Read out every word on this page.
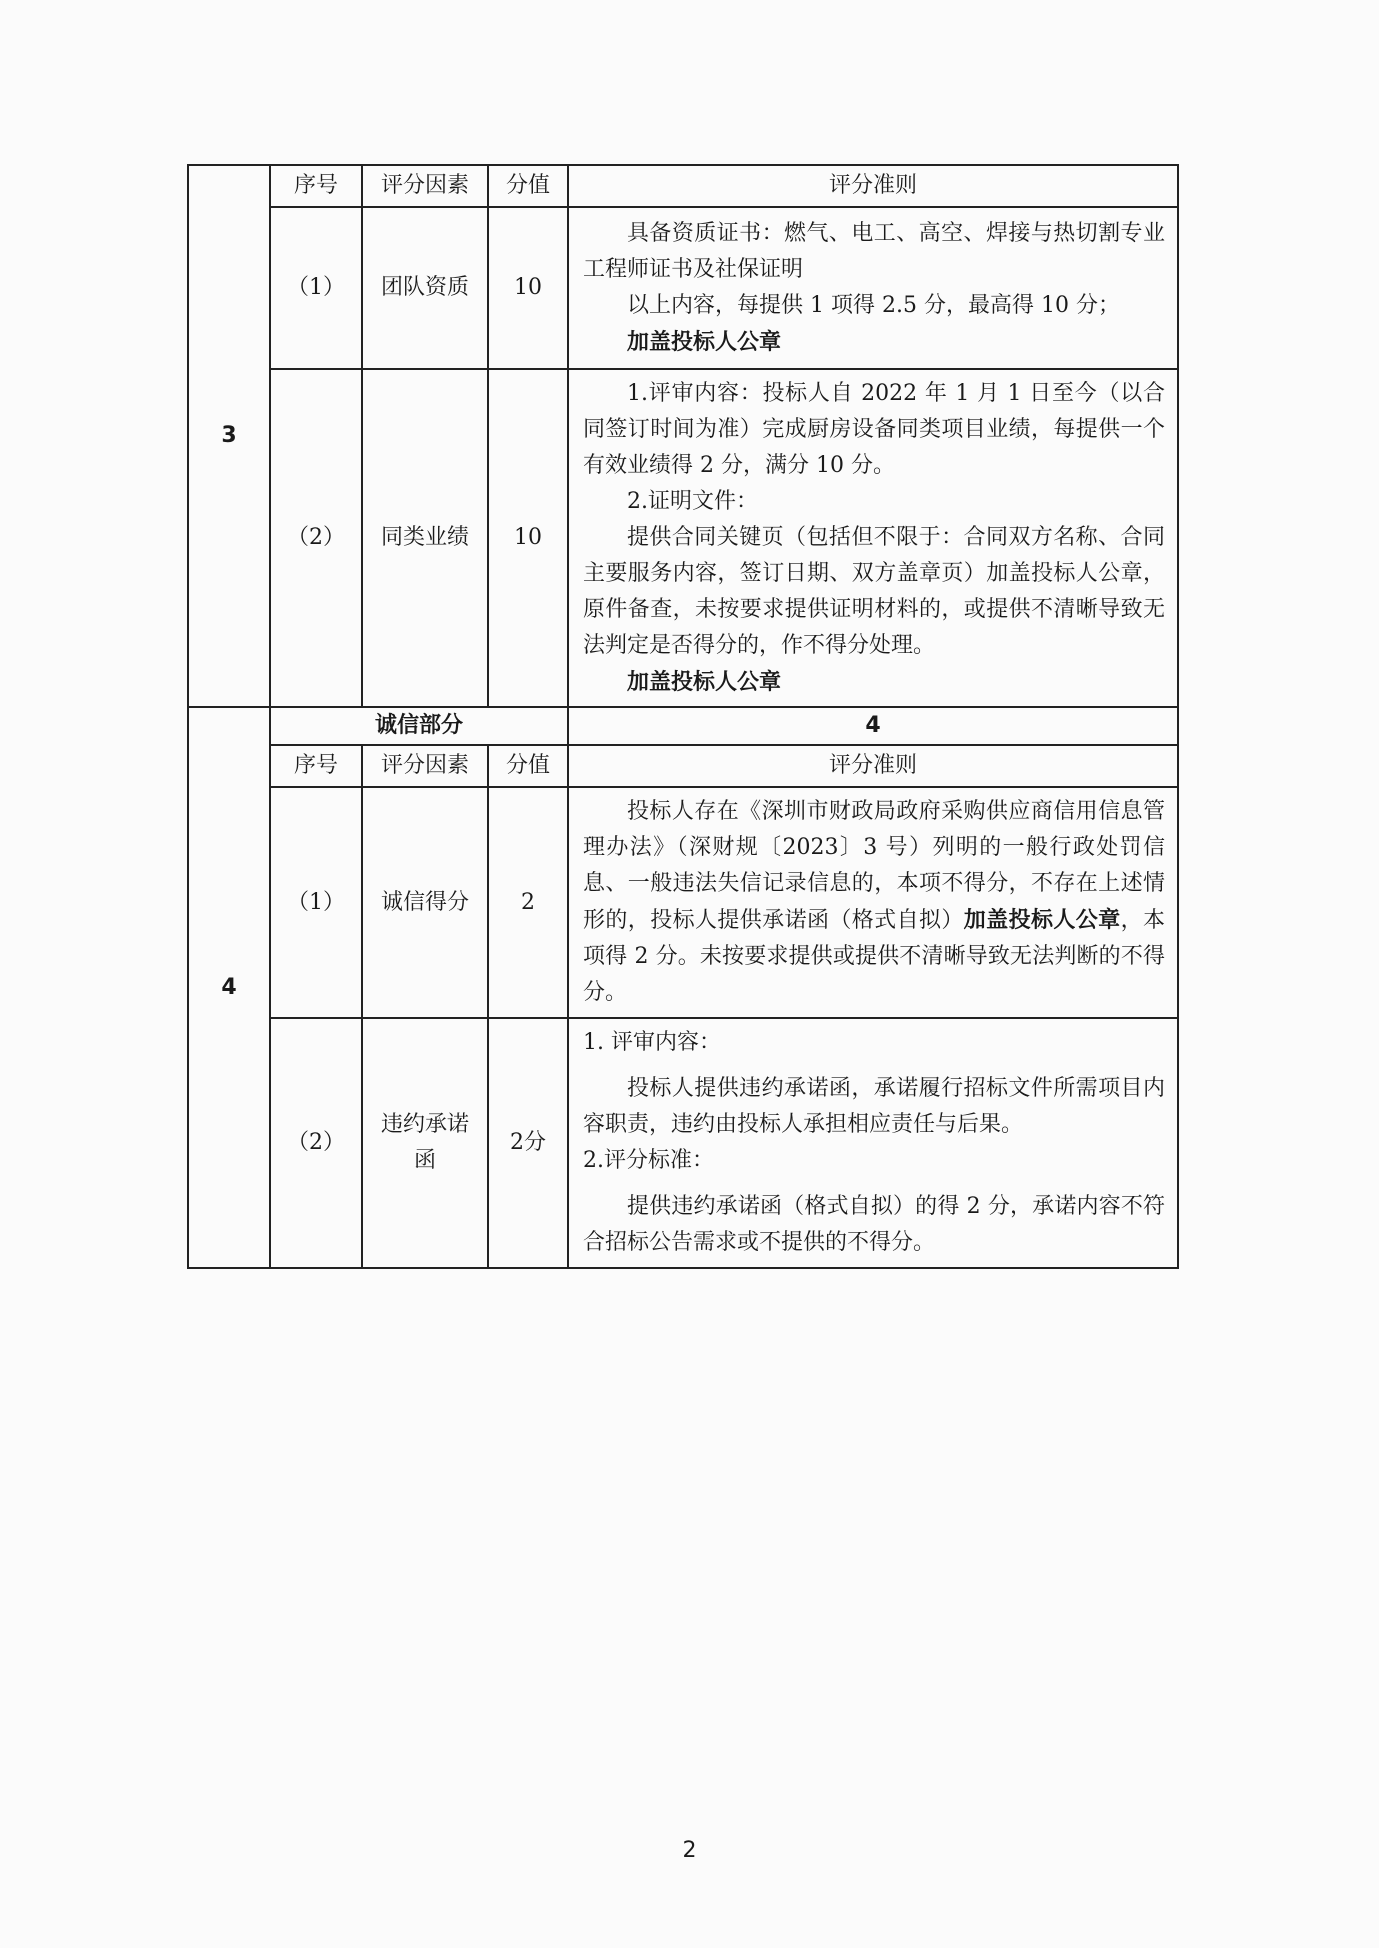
3	序号	评分因素	分值	评分准则
	（1）	团队资质	10	具备资质证书：燃气、电工、高空、焊接与热切割专业工程师证书及社保证明

以上内容，每提供 1 项得 2.5 分，最高得 10 分；

加盖投标人公章

	（2）	同类业绩	10	1.评审内容：投标人自 2022 年 1 月 1 日至今（以合同签订时间为准）完成厨房设备同类项目业绩，每提供一个有效业绩得 2 分，满分 10 分。

2.证明文件：

提供合同关键页（包括但不限于：合同双方名称、合同主要服务内容，签订日期、双方盖章页）加盖投标人公章，原件备查，未按要求提供证明材料的，或提供不清晰导致无法判定是否得分的，作不得分处理。

加盖投标人公章

4	诚信部分			4
	序号	评分因素	分值	评分准则
	（1）	诚信得分	2	投标人存在《深圳市财政局政府采购供应商信用信息管理办法》（深财规〔2023〕3 号）列明的一般行政处罚信息、一般违法失信记录信息的，本项不得分，不存在上述情形的，投标人提供承诺函（格式自拟）加盖投标人公章，本项得 2 分。未按要求提供或提供不清晰导致无法判断的不得分。

	（2）	违约承诺函	2分	1. 评审内容：

投标人提供违约承诺函，承诺履行招标文件所需项目内容职责，违约由投标人承担相应责任与后果。

2.评分标准：

提供违约承诺函（格式自拟）的得 2 分，承诺内容不符合招标公告需求或不提供的不得分。

2
